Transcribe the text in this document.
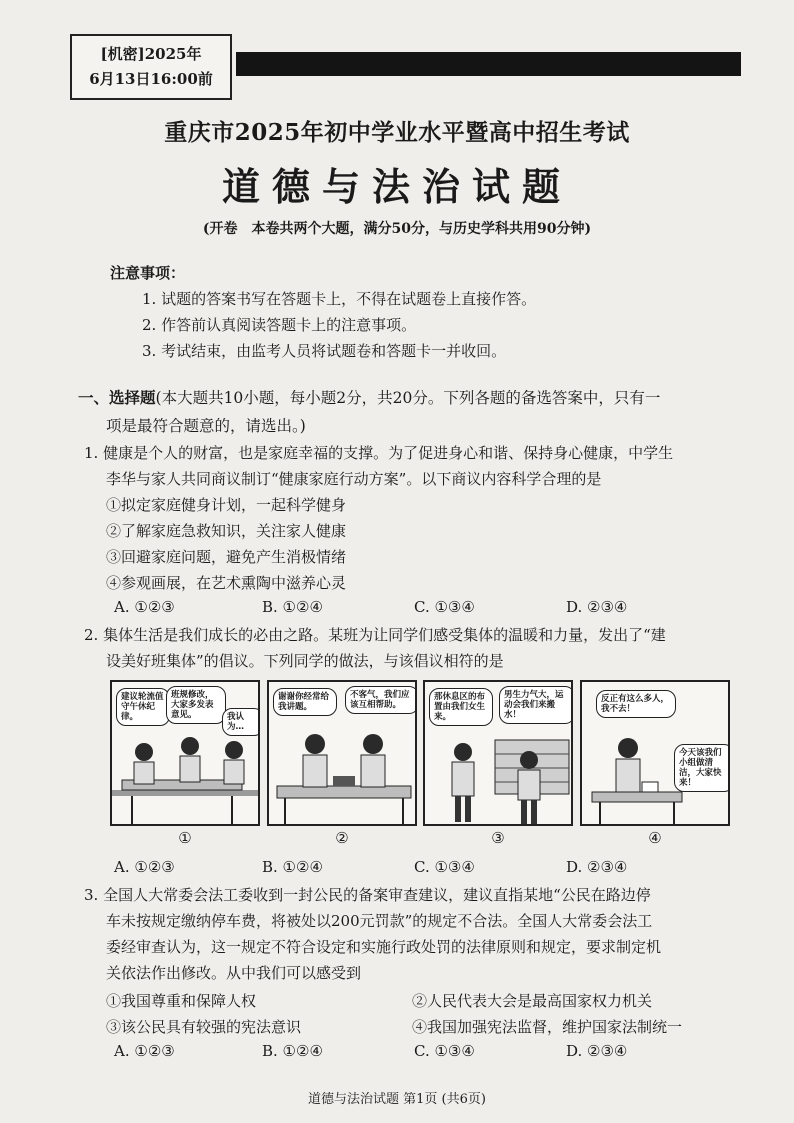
[机密]2025年
6月13日16:00前
重庆市2025年初中学业水平暨高中招生考试
道德与法治试题
(开卷　本卷共两个大题，满分50分，与历史学科共用90分钟)
注意事项：
1. 试题的答案书写在答题卡上，不得在试题卷上直接作答。
2. 作答前认真阅读答题卡上的注意事项。
3. 考试结束，由监考人员将试题卷和答题卡一并收回。
一、选择题(本大题共10小题，每小题2分，共20分。下列各题的备选答案中，只有一
项是最符合题意的，请选出。)
1. 健康是个人的财富，也是家庭幸福的支撑。为了促进身心和谐、保持身心健康，中学生
李华与家人共同商议制订“健康家庭行动方案”。以下商议内容科学合理的是
①拟定家庭健身计划，一起科学健身
②了解家庭急救知识，关注家人健康
③回避家庭问题，避免产生消极情绪
④参观画展，在艺术熏陶中滋养心灵
A. ①②③	B. ①②④	C. ①③④	D. ②③④
2. 集体生活是我们成长的必由之路。某班为让同学们感受集体的温暖和力量，发出了“建
设美好班集体”的倡议。下列同学的做法，与该倡议相符的是
建议轮流值守午休纪律。
班规修改，大家多发表意见。	我认为…
谢谢你经常给我讲题。
不客气，我们应该互相帮助。
那休息区的布置由我们女生来。
男生力气大，运动会我们来搬水！
反正有这么多人，我不去！
今天该我们小组做清洁，大家快来！
①	②	③	④
A. ①②③	B. ①②④	C. ①③④	D. ②③④
3. 全国人大常委会法工委收到一封公民的备案审查建议，建议直指某地“公民在路边停
车未按规定缴纳停车费，将被处以200元罚款”的规定不合法。全国人大常委会法工
委经审查认为，这一规定不符合设定和实施行政处罚的法律原则和规定，要求制定机
关依法作出修改。从中我们可以感受到
①我国尊重和保障人权	②人民代表大会是最高国家权力机关
③该公民具有较强的宪法意识	④我国加强宪法监督，维护国家法制统一
A. ①②③	B. ①②④	C. ①③④	D. ②③④
道德与法治试题 第1页 (共6页)
